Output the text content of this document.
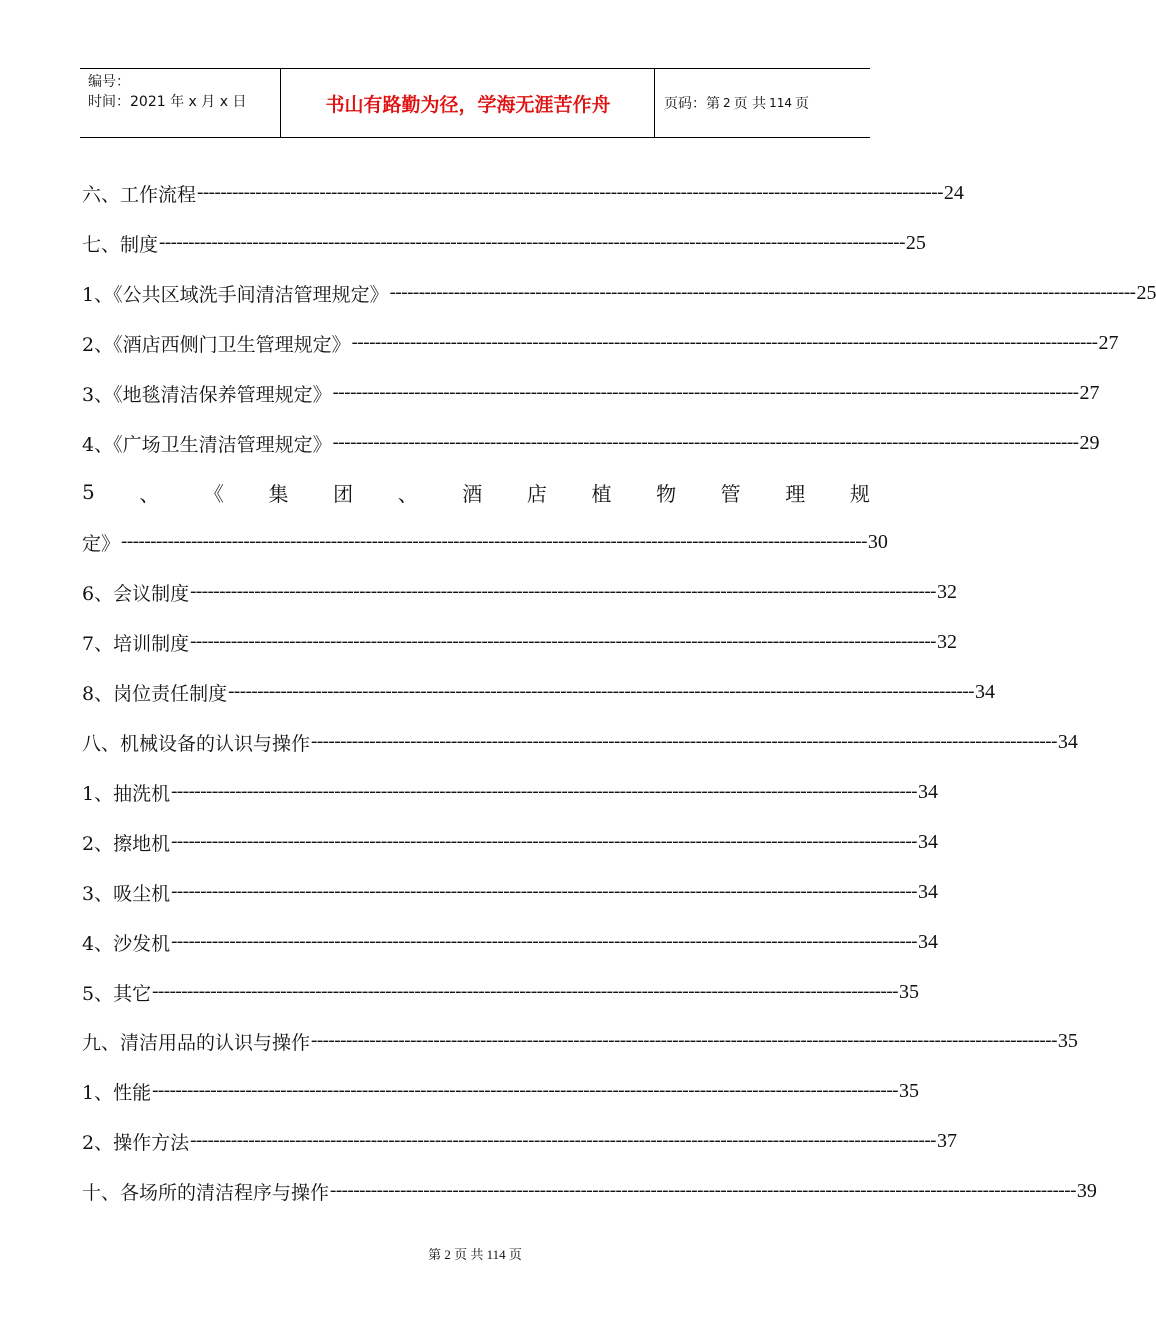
编号：
时间：2021 年 x 月 x 日	书山有路勤为径，学海无涯苦作舟	页码：第 2 页 共 114 页
六、工作流程 -------------------------------------------------------------------------------------------------------------------------------- 24
七、制度 -------------------------------------------------------------------------------------------------------------------------------- 25
1、《公共区域洗手间清洁管理规定》 -------------------------------------------------------------------------------------------------------------------------------- 25
2、《酒店西侧门卫生管理规定》 -------------------------------------------------------------------------------------------------------------------------------- 27
3、《地毯清洁保养管理规定》 -------------------------------------------------------------------------------------------------------------------------------- 27
4、《广场卫生清洁管理规定》 -------------------------------------------------------------------------------------------------------------------------------- 29
5 、 《 集 团 、 酒 店 植 物 管 理 规
定》 -------------------------------------------------------------------------------------------------------------------------------- 30
6、会议制度 -------------------------------------------------------------------------------------------------------------------------------- 32
7、培训制度 -------------------------------------------------------------------------------------------------------------------------------- 32
8、岗位责任制度 -------------------------------------------------------------------------------------------------------------------------------- 34
八、机械设备的认识与操作 -------------------------------------------------------------------------------------------------------------------------------- 34
1、抽洗机 -------------------------------------------------------------------------------------------------------------------------------- 34
2、擦地机 -------------------------------------------------------------------------------------------------------------------------------- 34
3、吸尘机 -------------------------------------------------------------------------------------------------------------------------------- 34
4、沙发机 -------------------------------------------------------------------------------------------------------------------------------- 34
5、其它 -------------------------------------------------------------------------------------------------------------------------------- 35
九、清洁用品的认识与操作 -------------------------------------------------------------------------------------------------------------------------------- 35
1、性能 -------------------------------------------------------------------------------------------------------------------------------- 35
2、操作方法 -------------------------------------------------------------------------------------------------------------------------------- 37
十、各场所的清洁程序与操作 -------------------------------------------------------------------------------------------------------------------------------- 39
第 2 页 共 114 页
